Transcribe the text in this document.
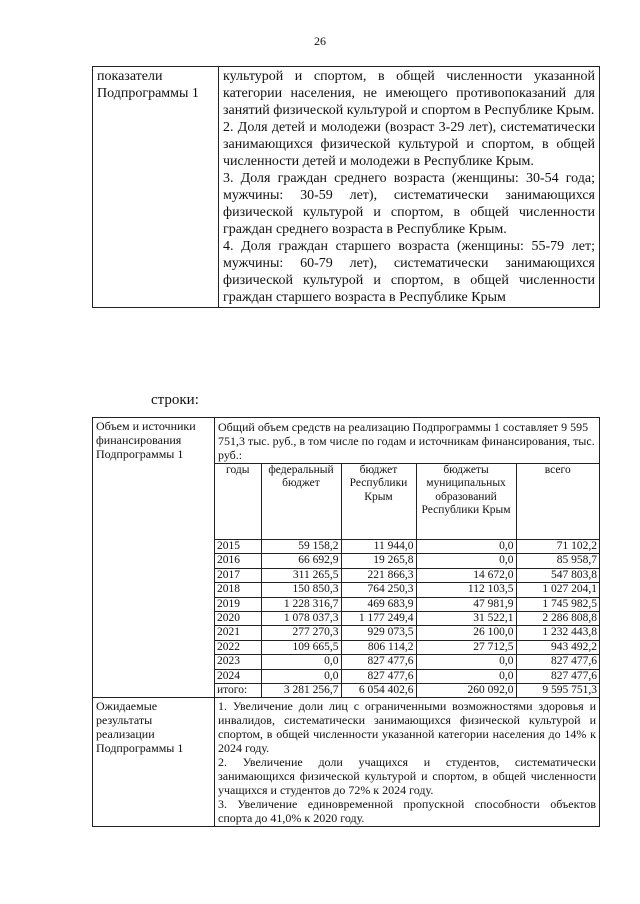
26
показатели Подпрограммы 1	

культурой и спортом, в общей численности указанной категории населения, не имеющего противопоказаний для занятий физической культурой и спортом в Республике Крым.

2. Доля детей и молодежи (возраст 3-29 лет), систематически занимающихся физической культурой и спортом, в общей численности детей и молодежи в Республике Крым.

3. Доля граждан среднего возраста (женщины: 30-54 года; мужчины: 30-59 лет), систематически занимающихся физической культурой и спортом, в общей численности граждан среднего возраста в Республике Крым.

4. Доля граждан старшего возраста (женщины: 55-79 лет; мужчины: 60-79 лет), систематически занимающихся физической культурой и спортом, в общей численности граждан старшего возраста в Республике Крым

строки:
Объем и источники финансирования Подпрограммы 1	
Общий объем средств на реализацию Подпрограммы 1 составляет 9 595 751,3 тыс. руб., в том числе по годам и источникам финансирования, тыс. руб.:
годы	федеральный бюджет	бюджет Республики Крым	бюджеты муниципальных образований Республики Крым	всего
2015	59 158,2	11 944,0	0,0	71 102,2
2016	66 692,9	19 265,8	0,0	85 958,7
2017	311 265,5	221 866,3	14 672,0	547 803,8
2018	150 850,3	764 250,3	112 103,5	1 027 204,1
2019	1 228 316,7	469 683,9	47 981,9	1 745 982,5
2020	1 078 037,3	1 177 249,4	31 522,1	2 286 808,8
2021	277 270,3	929 073,5	26 100,0	1 232 443,8
2022	109 665,5	806 114,2	27 712,5	943 492,2
2023	0,0	827 477,6	0,0	827 477,6
2024	0,0	827 477,6	0,0	827 477,6
итого:	3 281 256,7	6 054 402,6	260 092,0	9 595 751,3

Ожидаемые результаты реализации Подпрограммы 1	

1. Увеличение доли лиц с ограниченными возможностями здоровья и инвалидов, систематически занимающихся физической культурой и спортом, в общей численности указанной категории населения до 14% к 2024 году.

2. Увеличение доли учащихся и студентов, систематически занимающихся физической культурой и спортом, в общей численности учащихся и студентов до 72% к 2024 году.

3. Увеличение единовременной пропускной способности объектов спорта до 41,0% к 2020 году.
